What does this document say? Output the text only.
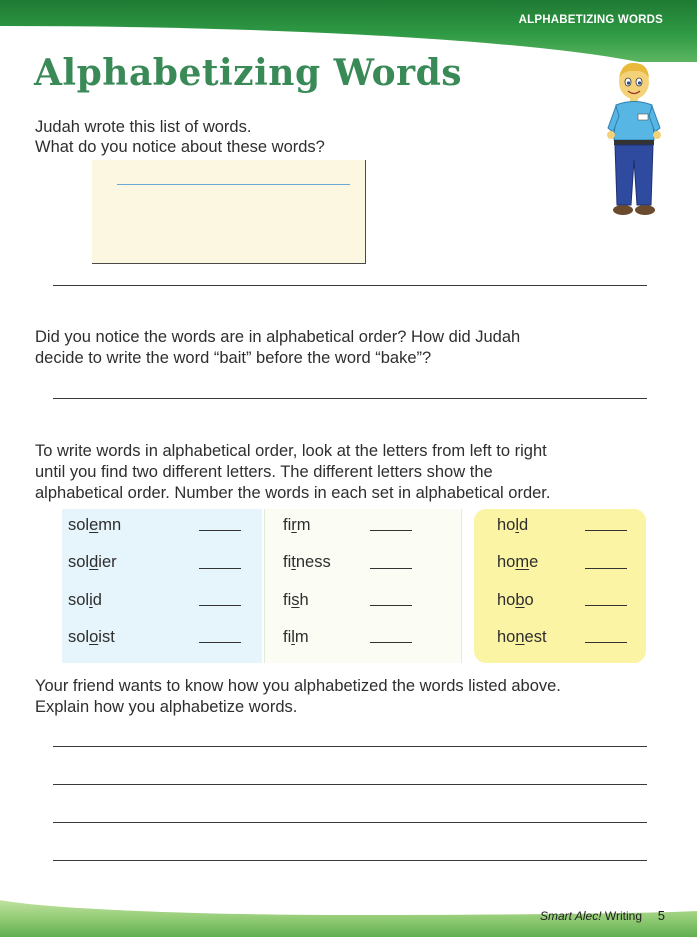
ALPHABETIZING WORDS
Alphabetizing Words

Judah wrote this list of words.

What do you notice about these words?

Did you notice the words are in alphabetical order? How did Judah

decide to write the word “bait” before the word “bake”?

To write words in alphabetical order, look at the letters from left to right

until you find two different letters. The different letters show the

alphabetical order. Number the words in each set in alphabetical order.

solemn
soldier
solid
soloist
firm
fitness
fish
film
hold
home
hobo
honest

Your friend wants to know how you alphabetized the words listed above.

Explain how you alphabetize words.

Smart Alec! Writing 5
